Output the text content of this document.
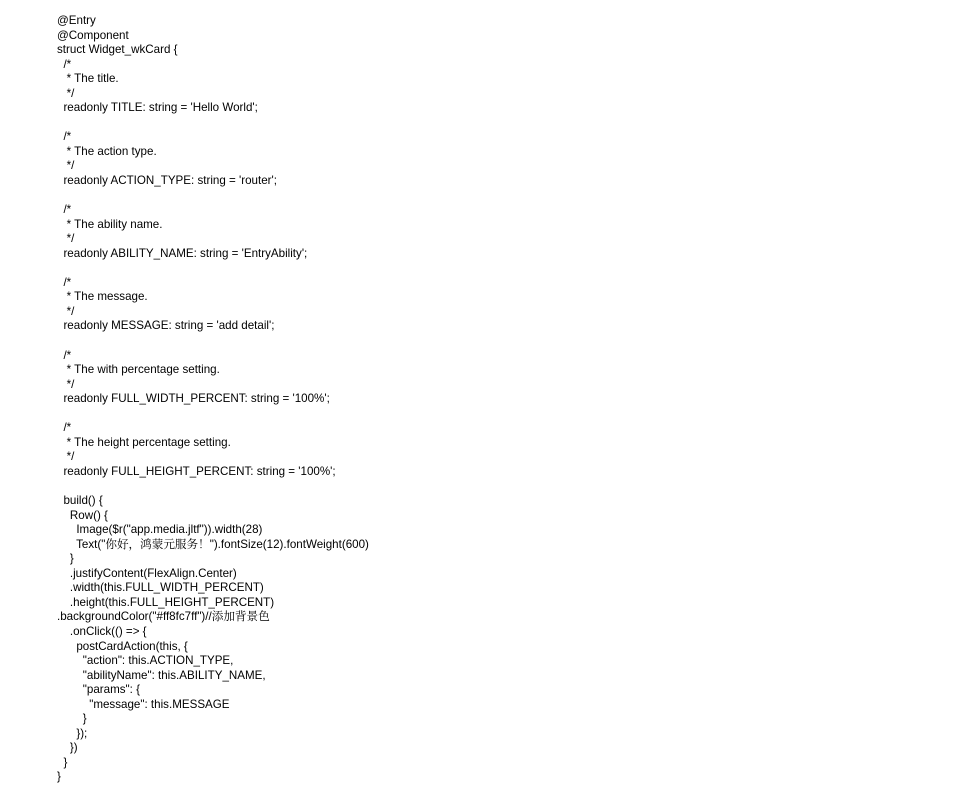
@Entry
@Component
struct Widget_wkCard {
/*
* The title.
*/
readonly TITLE: string = 'Hello World';
/*
* The action type.
*/
readonly ACTION_TYPE: string = 'router';
/*
* The ability name.
*/
readonly ABILITY_NAME: string = 'EntryAbility';
/*
* The message.
*/
readonly MESSAGE: string = 'add detail';
/*
* The with percentage setting.
*/
readonly FULL_WIDTH_PERCENT: string = '100%';
/*
* The height percentage setting.
*/
readonly FULL_HEIGHT_PERCENT: string = '100%';
build() {
Row() {
Image($r("app.media.jltf")).width(28)
Text("你好，鸿蒙元服务！").fontSize(12).fontWeight(600)
}
.justifyContent(FlexAlign.Center)
.width(this.FULL_WIDTH_PERCENT)
.height(this.FULL_HEIGHT_PERCENT)
.backgroundColor("#ff8fc7ff")//添加背景色
.onClick(() => {
postCardAction(this, {
"action": this.ACTION_TYPE,
"abilityName": this.ABILITY_NAME,
"params": {
"message": this.MESSAGE
}
});
})
}
}
